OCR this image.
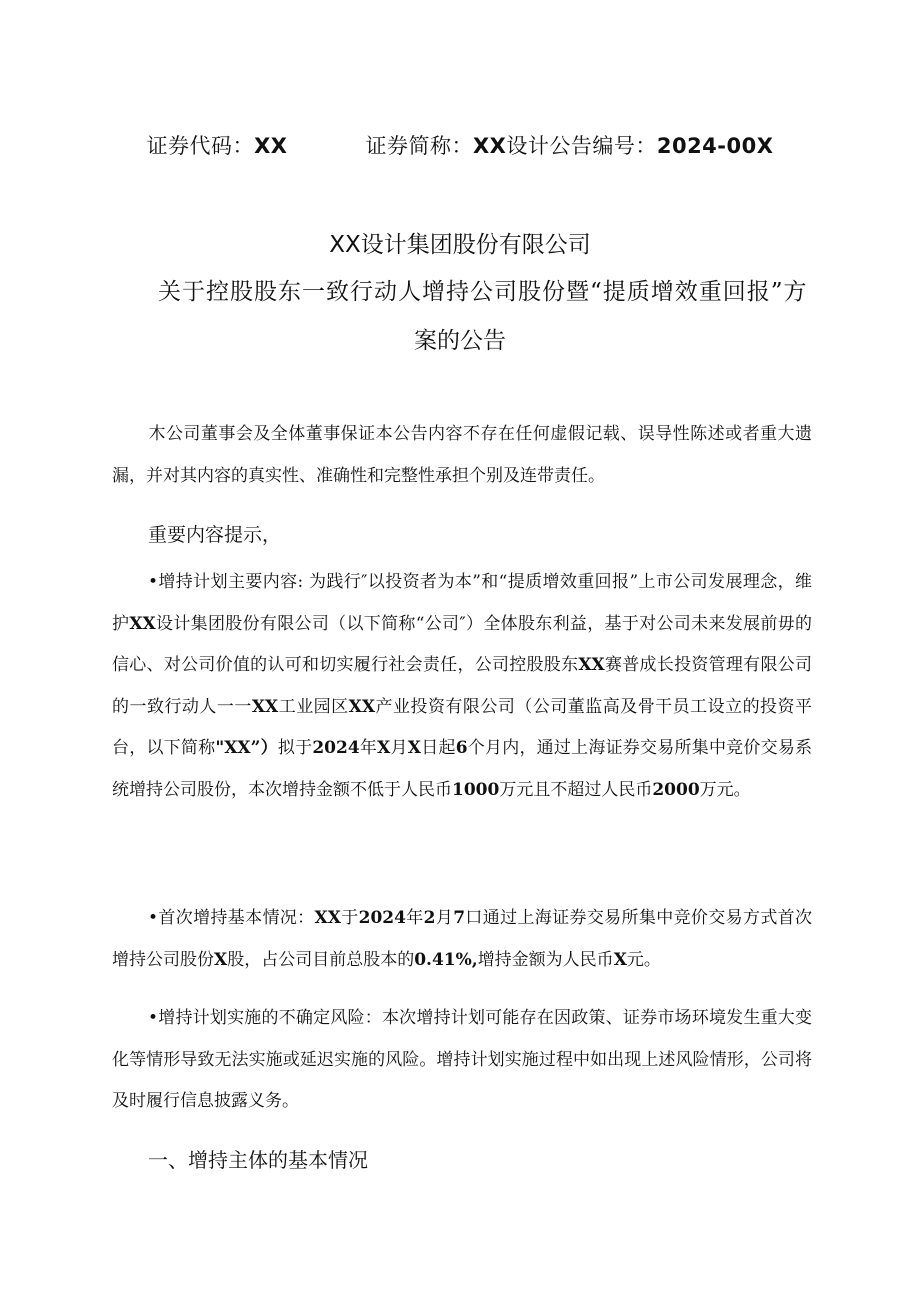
证券代码：XX	证券简称：XX设计公告编号：2024-00X
XX设计集团股份有限公司
关于控股股东一致行动人增持公司股份暨“提质增效重回报”方
案的公告
木公司董事会及全体董事保证本公告内容不存在任何虚假记载、误导性陈述或者重大遗漏，并对其内容的真实性、准确性和完整性承担个别及连带责任。
重要内容提示，
•增持计划主要内容: 为践行″以投资者为本”和“提质增效重回报”上市公司发展理念，维护XX设计集团股份有限公司（以下简称“公司″）全体股东利益，基于对公司未来发展前毋的信心、对公司价值的认可和切实履行社会责任，公司控股股东XX赛普成长投资管理有限公司的一致行动人一一XX工业园区XX产业投资有限公司（公司董监高及骨干员工设立的投资平台，以下简称"XX”）拟于2024年X月X日起6个月内，通过上海证券交易所集中竞价交易系统增持公司股份，本次增持金额不低于人民币1000万元且不超过人民币2000万元。
•首次增持基本情况：XX于2024年2月7口通过上海证券交易所集中竞价交易方式首次增持公司股份X股，占公司目前总股本的0.41%,增持金额为人民币X元。
•增持计划实施的不确定风险：本次增持计划可能存在因政策、证券市场环境发生重大变化等情形导致无法实施或延迟实施的风险。增持计划实施过程中如出现上述风险情形，公司将及时履行信息披露义务。
一、增持主体的基本情况
